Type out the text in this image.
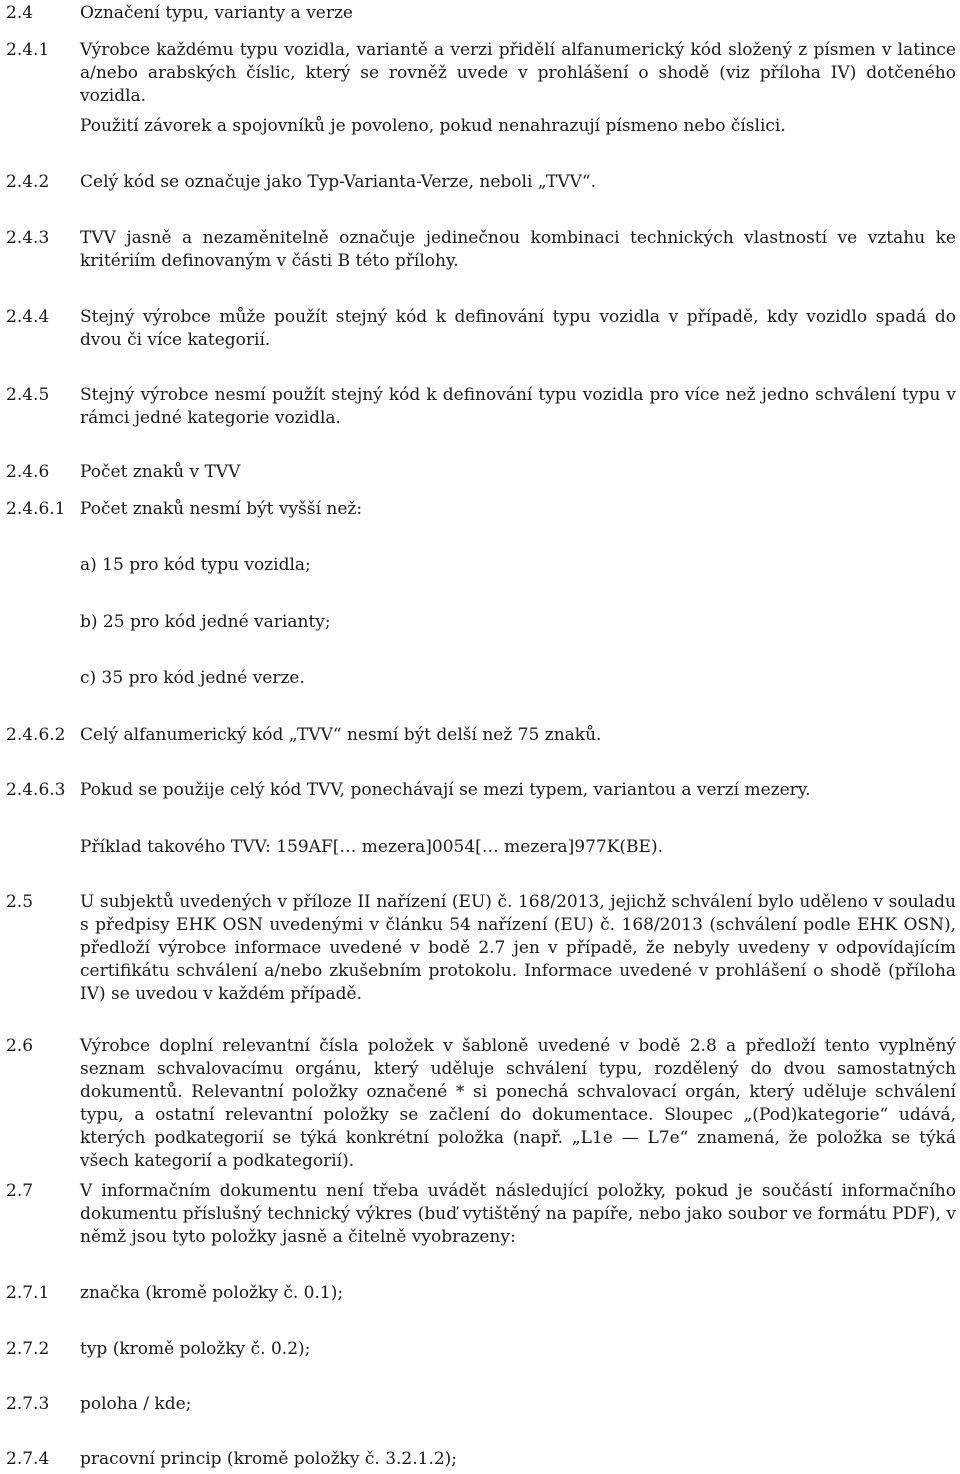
2.4	Označení typu, varianty a verze
2.4.1	Výrobce každému typu vozidla, variantě a verzi přidělí alfanumerický kód složený z písmen v latince a/nebo arabských číslic, který se rovněž uvede v prohlášení o shodě (viz příloha IV) dotčeného vozidla.
Použití závorek a spojovníků je povoleno, pokud nenahrazují písmeno nebo číslici.
2.4.2	Celý kód se označuje jako Typ-Varianta-Verze, neboli „TVV“.
2.4.3	TVV jasně a nezaměnitelně označuje jedinečnou kombinaci technických vlastností ve vztahu ke kritériím definovaným v části B této přílohy.
2.4.4	Stejný výrobce může použít stejný kód k definování typu vozidla v případě, kdy vozidlo spadá do dvou či více kategorií.
2.4.5	Stejný výrobce nesmí použít stejný kód k definování typu vozidla pro více než jedno schválení typu v rámci jedné kategorie vozidla.
2.4.6	Počet znaků v TVV
2.4.6.1 Počet znaků nesmí být vyšší než:
a) 15 pro kód typu vozidla;
b) 25 pro kód jedné varianty;
c) 35 pro kód jedné verze.
2.4.6.2 Celý alfanumerický kód „TVV“ nesmí být delší než 75 znaků.
2.4.6.3 Pokud se použije celý kód TVV, ponechávají se mezi typem, variantou a verzí mezery.
Příklad takového TVV: 159AF[… mezera]0054[… mezera]977K(BE).
2.5	U subjektů uvedených v příloze II nařízení (EU) č. 168/2013, jejichž schválení bylo uděleno v souladu s předpisy EHK OSN uvedenými v článku 54 nařízení (EU) č. 168/2013 (schválení podle EHK OSN), předloží výrobce informace uvedené v bodě 2.7 jen v případě, že nebyly uvedeny v odpovídajícím certifikátu schválení a/nebo zkušebním protokolu. Informace uvedené v prohlášení o shodě (příloha IV) se uvedou v každém případě.
2.6	Výrobce doplní relevantní čísla položek v šabloně uvedené v bodě 2.8 a předloží tento vyplněný seznam schvalovacímu orgánu, který uděluje schválení typu, rozdělený do dvou samostatných dokumentů. Relevantní položky označené * si ponechá schvalovací orgán, který uděluje schválení typu, a ostatní relevantní položky se začlení do dokumentace. Sloupec „(Pod)kategorie“ udává, kterých podkategorií se týká konkrétní položka (např. „L1e — L7e“ znamená, že položka se týká všech kategorií a podkategorií).
2.7	V informačním dokumentu není třeba uvádět následující položky, pokud je součástí informačního dokumentu příslušný technický výkres (buď vytištěný na papíře, nebo jako soubor ve formátu PDF), v němž jsou tyto položky jasně a čitelně vyobrazeny:
2.7.1	značka (kromě položky č. 0.1);
2.7.2	typ (kromě položky č. 0.2);
2.7.3	poloha / kde;
2.7.4	pracovní princip (kromě položky č. 3.2.1.2);
